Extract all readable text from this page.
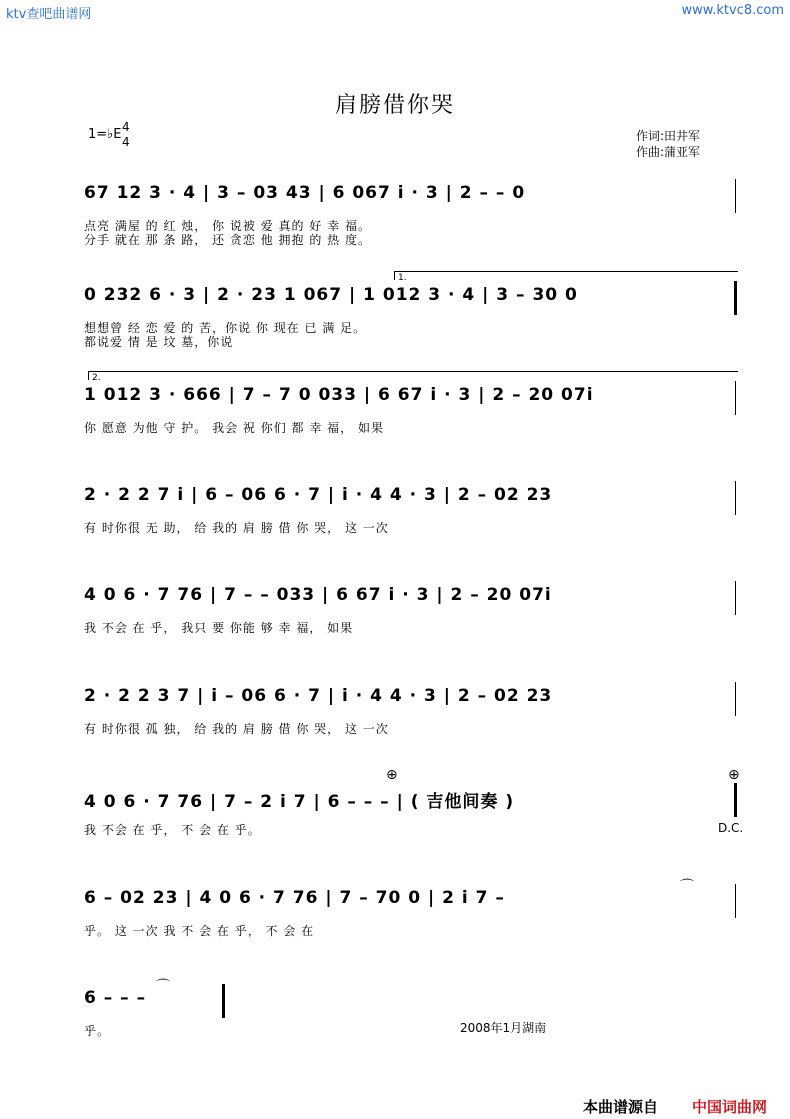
ktv查吧曲谱网	www.ktvc8.com
肩膀借你哭
1=♭E 4
4	作词:田井军
作曲:蒲亚军
67 12 3 · 4 | 3 – 03 43 | 6 067 i · 3 | 2 – – 0
点亮 满屋 的 红 烛， 你 说被 爱 真的 好 幸 福。
分手 就在 那 条 路， 还 贪恋 他 拥抱 的 热 度。
1.
0 232 6 · 3 | 2 · 23 1 067 | 1 012 3 · 4 | 3 – 30 0
想想曾 经 恋 爱 的 苦，你说 你 现在 已 满 足。
都说爱 情 是 坟 墓，你说
2.
1 012 3 · 666 | 7 – 7 0 033 | 6 67 i · 3 | 2 – 20 07i
你 愿意 为他 守 护。 我会 祝 你们 都 幸 福， 如果
2 · 2 2 7 i | 6 – 06 6 · 7 | i · 4 4 · 3 | 2 – 02 23
有 时你很 无 助， 给 我的 肩 膀 借 你 哭， 这 一次
4 0 6 · 7 76 | 7 – – 033 | 6 67 i · 3 | 2 – 20 07i
我 不会 在 乎， 我只 要 你能 够 幸 福， 如果
2 · 2 2 3 7 | i – 06 6 · 7 | i · 4 4 · 3 | 2 – 02 23
有 时你很 孤 独， 给 我的 肩 膀 借 你 哭， 这 一次
⊕	⊕
4 0 6 · 7 76 | 7 – 2 i 7 | 6 – – – | ( 吉他间奏 )
我 不会 在 乎， 不 会 在 乎。	D.C.
⌒
6 – 02 23 | 4 0 6 · 7 76 | 7 – 70 0 | 2 i 7 –
乎。 这 一次 我 不 会 在 乎， 不 会 在
⌒
6 – – –
乎。	2008年1月湖南
本曲谱源自 中国词曲网
